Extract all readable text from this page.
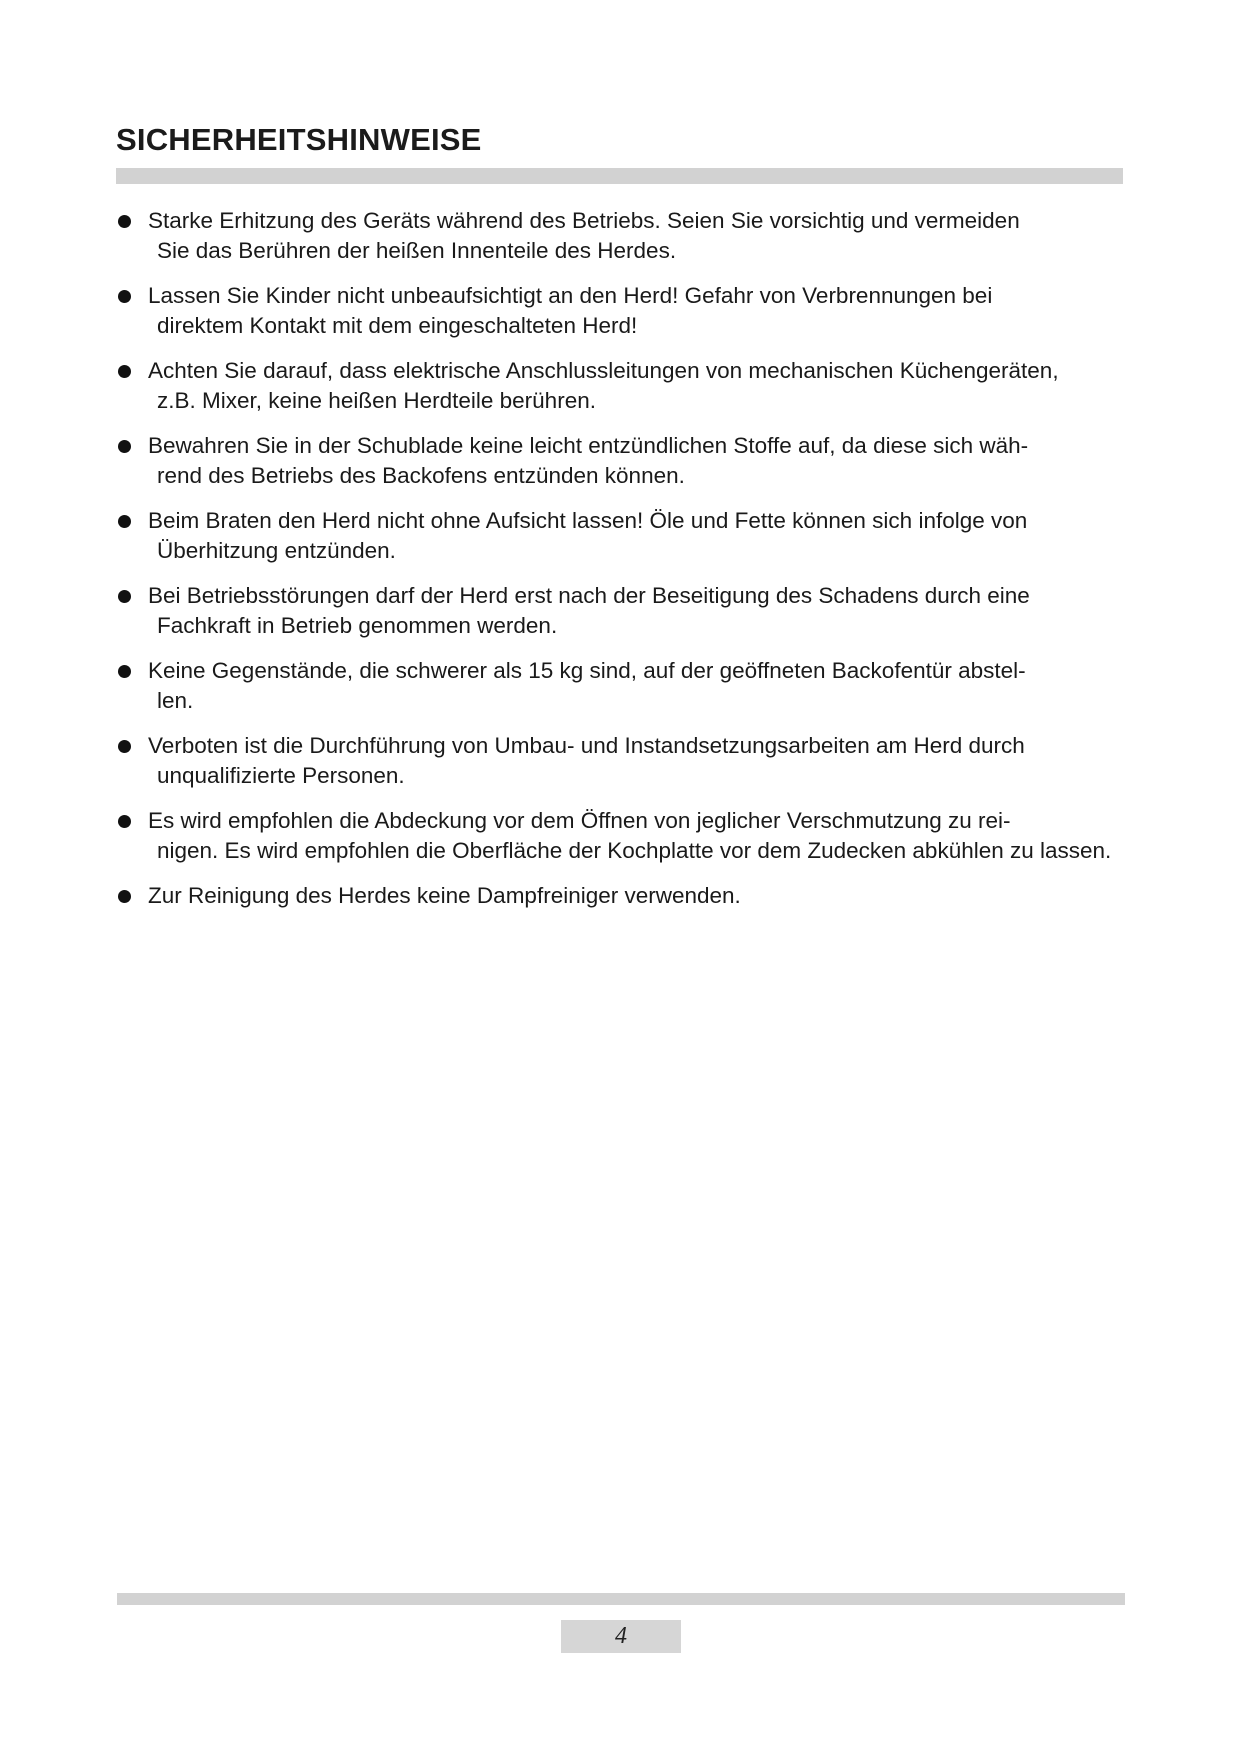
SICHERHEITSHINWEISE
Starke Erhitzung des Geräts während des Betriebs. Seien Sie vorsichtig und vermeiden
Sie das Berühren der heißen Innenteile des Herdes.
Lassen Sie Kinder nicht unbeaufsichtigt an den Herd! Gefahr von Verbrennungen bei
direktem Kontakt mit dem eingeschalteten Herd!
Achten Sie darauf, dass elektrische Anschlussleitungen von mechanischen Küchengeräten,
z.B. Mixer, keine heißen Herdteile berühren.
Bewahren Sie in der Schublade keine leicht entzündlichen Stoffe auf, da diese sich wäh-
rend des Betriebs des Backofens entzünden können.
Beim Braten den Herd nicht ohne Aufsicht lassen! Öle und Fette können sich infolge von
Überhitzung entzünden.
Bei Betriebsstörungen darf der Herd erst nach der Beseitigung des Schadens durch eine
Fachkraft in Betrieb genommen werden.
Keine Gegenstände, die schwerer als 15 kg sind, auf der geöffneten Backofentür abstel-
len.
Verboten ist die Durchführung von Umbau- und Instandsetzungsarbeiten am Herd durch
unqualifizierte Personen.
Es wird empfohlen die Abdeckung vor dem Öffnen von jeglicher Verschmutzung zu rei-
nigen. Es wird empfohlen die Oberfläche der Kochplatte vor dem Zudecken abkühlen zu lassen.
Zur Reinigung des Herdes keine Dampfreiniger verwenden.
4
